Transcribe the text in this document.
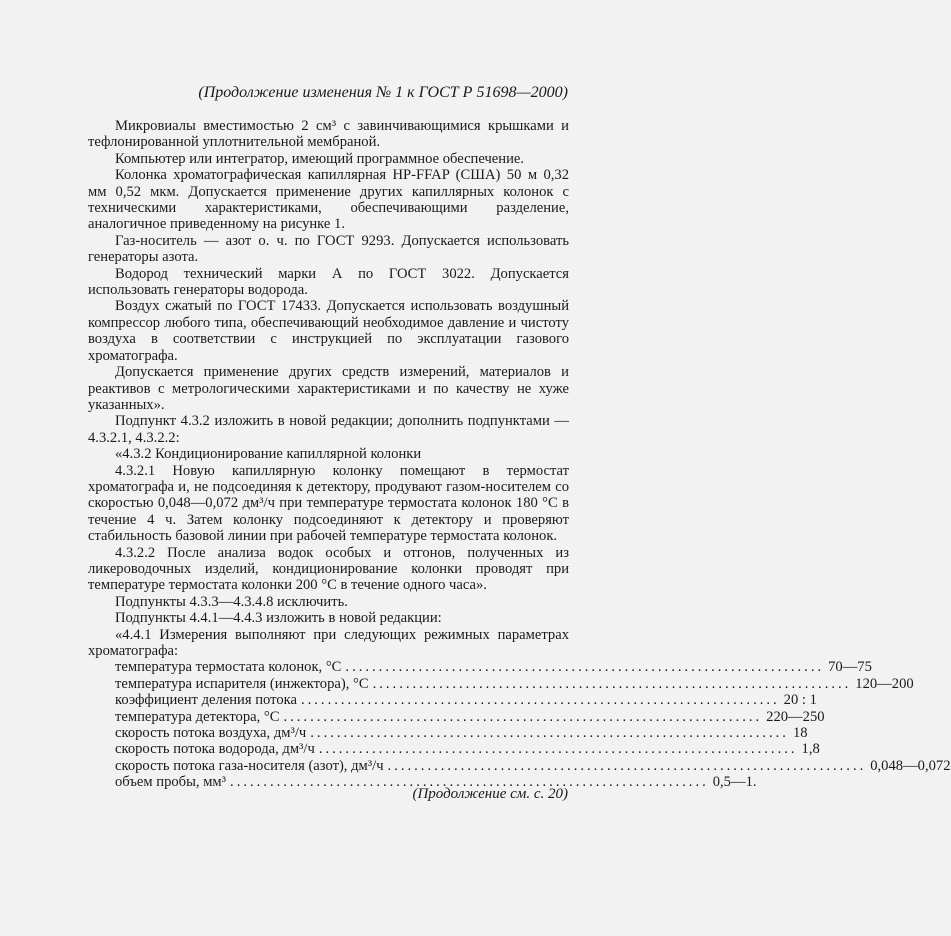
(Продолжение изменения № 1 к ГОСТ Р 51698—2000)

Микровиалы вместимостью 2 см³ с завинчивающимися крышками и тефлонированной уплотнительной мембраной.

Компьютер или интегратор, имеющий программное обеспечение.

Колонка хроматографическая капиллярная HP-FFAP (США) 50 м 0,32 мм 0,52 мкм. Допускается применение других капиллярных колонок с техническими характеристиками, обеспечивающими разделение, аналогичное приведенному на рисунке 1.

Газ-носитель — азот о. ч. по ГОСТ 9293. Допускается использовать генераторы азота.

Водород технический марки А по ГОСТ 3022. Допускается использовать генераторы водорода.

Воздух сжатый по ГОСТ 17433. Допускается использовать воздушный компрессор любого типа, обеспечивающий необходимое давление и чистоту воздуха в соответствии с инструкцией по эксплуатации газового хроматографа.

Допускается применение других средств измерений, материалов и реактивов с метрологическими характеристиками и по качеству не хуже указанных».

Подпункт 4.3.2 изложить в новой редакции; дополнить подпунктами — 4.3.2.1, 4.3.2.2:

«4.3.2 Кондиционирование капиллярной колонки

4.3.2.1 Новую капиллярную колонку помещают в термостат хроматографа и, не подсоединяя к детектору, продувают газом-носителем со скоростью 0,048—0,072 дм³/ч при температуре термостата колонок 180 °С в течение 4 ч. Затем колонку подсоединяют к детектору и проверяют стабильность базовой линии при рабочей температуре термостата колонок.

4.3.2.2 После анализа водок особых и отгонов, полученных из ликероводочных изделий, кондиционирование колонки проводят при температуре термостата колонки 200 °С в течение одного часа».

Подпункты 4.3.3—4.3.4.8 исключить.

Подпункты 4.4.1—4.4.3 изложить в новой редакции:

«4.4.1 Измерения выполняют при следующих режимных параметрах хроматографа:

температура термостата колонок, °С ........................................................................ 70—75
температура испарителя (инжектора), °С ........................................................................ 120—200
коэффициент деления потока ........................................................................ 20 : 1
температура детектора, °С ........................................................................ 220—250
скорость потока воздуха, дм³/ч ........................................................................ 18
скорость потока водорода, дм³/ч ........................................................................ 1,8
скорость потока газа-носителя (азот), дм³/ч ........................................................................ 0,048—0,072
объем пробы, мм³ ........................................................................ 0,5—1.
(Продолжение см. с. 20)
